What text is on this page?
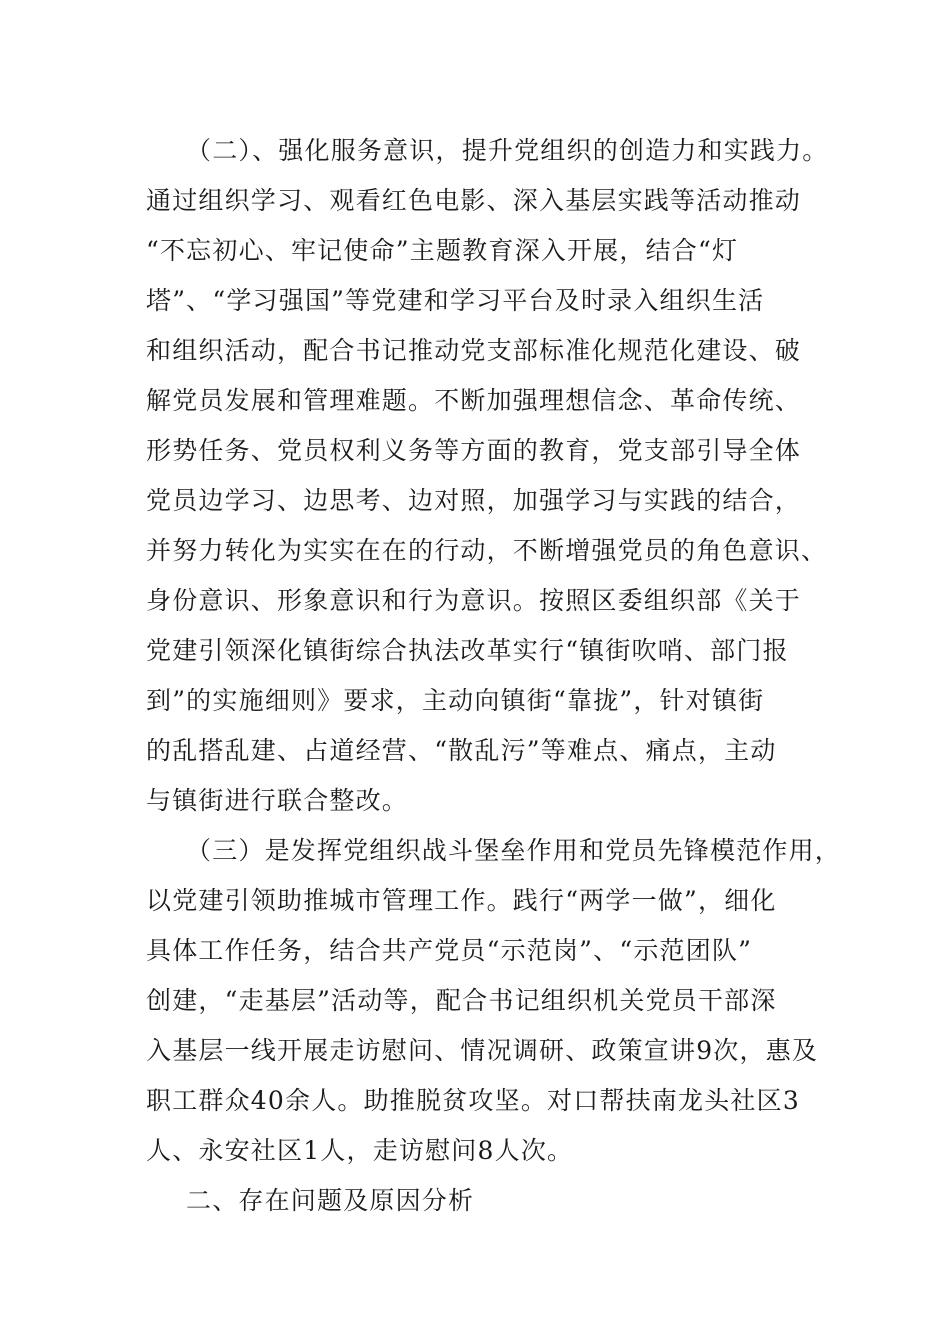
（二）、强化服务意识，提升党组织的创造力和实践力。
通过组织学习、观看红色电影、深入基层实践等活动推动
“不忘初心、牢记使命”主题教育深入开展，结合“灯
塔”、“学习强国”等党建和学习平台及时录入组织生活
和组织活动，配合书记推动党支部标准化规范化建设、破
解党员发展和管理难题。不断加强理想信念、革命传统、
形势任务、党员权利义务等方面的教育，党支部引导全体
党员边学习、边思考、边对照，加强学习与实践的结合，
并努力转化为实实在在的行动，不断增强党员的角色意识、
身份意识、形象意识和行为意识。按照区委组织部《关于
党建引领深化镇街综合执法改革实行“镇街吹哨、部门报
到”的实施细则》要求，主动向镇街“靠拢”，针对镇街
的乱搭乱建、占道经营、“散乱污”等难点、痛点，主动
与镇街进行联合整改。
（三）是发挥党组织战斗堡垒作用和党员先锋模范作用，
以党建引领助推城市管理工作。践行“两学一做”，细化
具体工作任务，结合共产党员“示范岗”、“示范团队”
创建，“走基层”活动等，配合书记组织机关党员干部深
入基层一线开展走访慰问、情况调研、政策宣讲9次，惠及
职工群众40余人。助推脱贫攻坚。对口帮扶南龙头社区3
人、永安社区1人，走访慰问8人次。
二、存在问题及原因分析
